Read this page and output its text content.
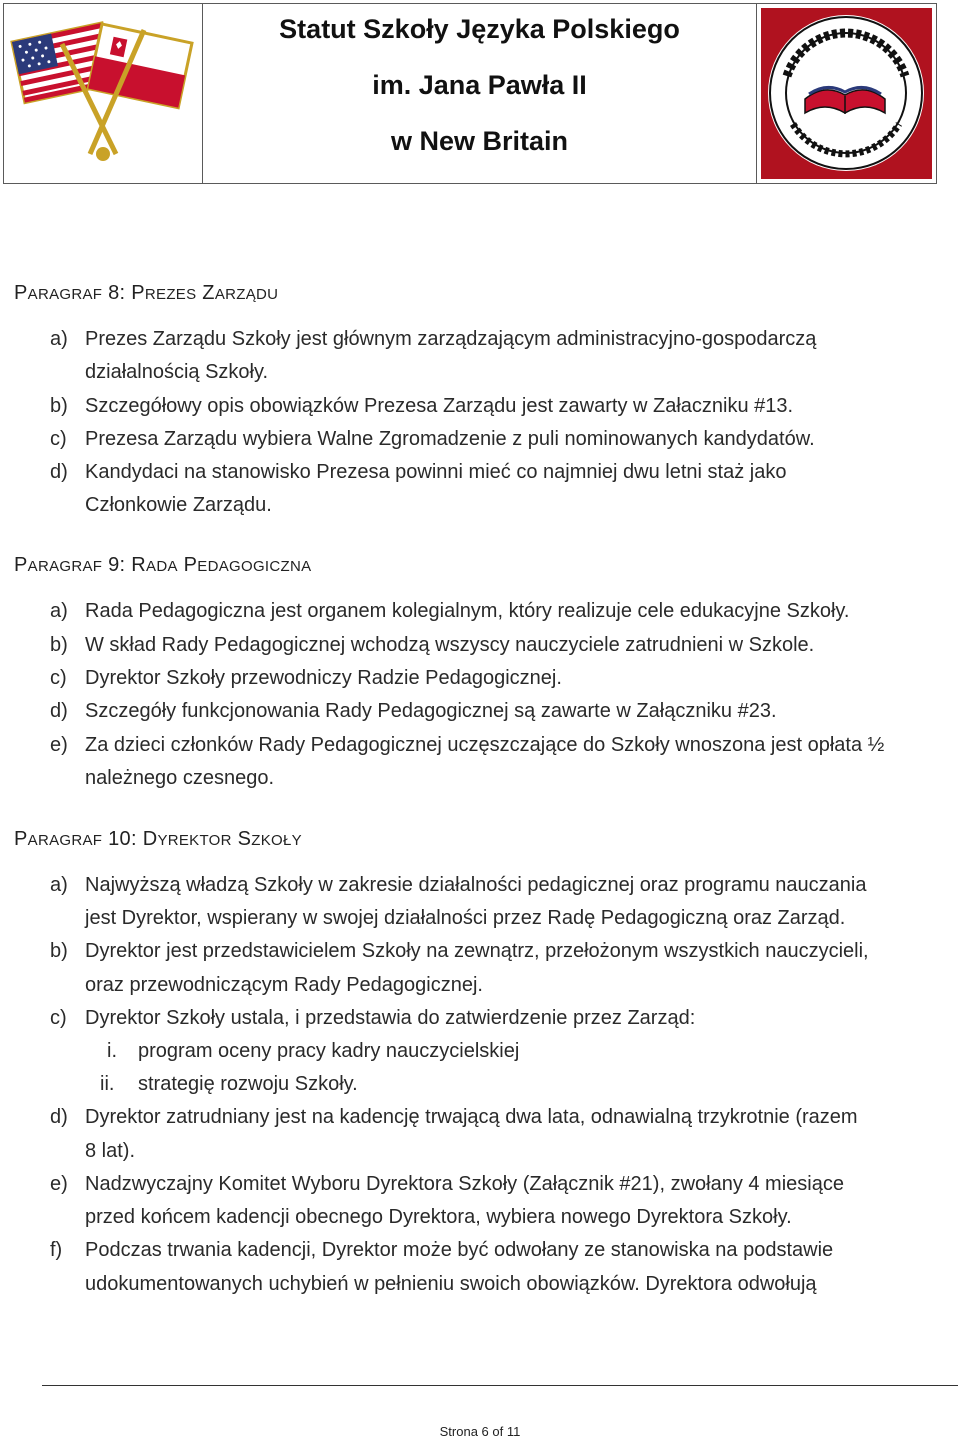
Statut Szkoły Języka Polskiego
im. Jana Pawła II
w New Britain
PARAGRAF 8: PREZES ZARZĄDU
a) Prezes Zarządu Szkoły jest głównym zarządzającym administracyjno-gospodarczą
działalnością Szkoły.
b) Szczegółowy opis obowiązków Prezesa Zarządu jest zawarty w Załaczniku #13.
c) Prezesa Zarządu wybiera Walne Zgromadzenie z puli nominowanych kandydatów.
d) Kandydaci na stanowisko Prezesa powinni mieć co najmniej dwu letni staż jako
Członkowie Zarządu.
PARAGRAF 9: RADA PEDAGOGICZNA
a) Rada Pedagogiczna jest organem kolegialnym, który realizuje cele edukacyjne Szkoły.
b) W skład Rady Pedagogicznej wchodzą wszyscy nauczyciele zatrudnieni w Szkole.
c) Dyrektor Szkoły przewodniczy Radzie Pedagogicznej.
d) Szczegóły funkcjonowania Rady Pedagogicznej są zawarte w Załączniku #23.
e) Za dzieci członków Rady Pedagogicznej uczęszczające do Szkoły wnoszona jest opłata ½
należnego czesnego.
PARAGRAF 10: DYREKTOR SZKOŁY
a) Najwyższą władzą Szkoły w zakresie działalności pedagicznej oraz programu nauczania
jest Dyrektor, wspierany w swojej działalności przez Radę Pedagogiczną oraz Zarząd.
b) Dyrektor jest przedstawicielem Szkoły na zewnątrz, przełożonym wszystkich nauczycieli,
oraz przewodniczącym Rady Pedagogicznej.
c) Dyrektor Szkoły ustala, i przedstawia do zatwierdzenie przez Zarząd:
i. program oceny pracy kadry nauczycielskiej
ii. strategię rozwoju Szkoły.
d) Dyrektor zatrudniany jest na kadencję trwającą dwa lata, odnawialną trzykrotnie (razem
8 lat).
e) Nadzwyczajny Komitet Wyboru Dyrektora Szkoły (Załącznik #21), zwołany 4 miesiące
przed końcem kadencji obecnego Dyrektora, wybiera nowego Dyrektora Szkoły.
f) Podczas trwania kadencji, Dyrektor może być odwołany ze stanowiska na podstawie
udokumentowanych uchybień w pełnieniu swoich obowiązków. Dyrektora odwołują
Strona 6 of 11
